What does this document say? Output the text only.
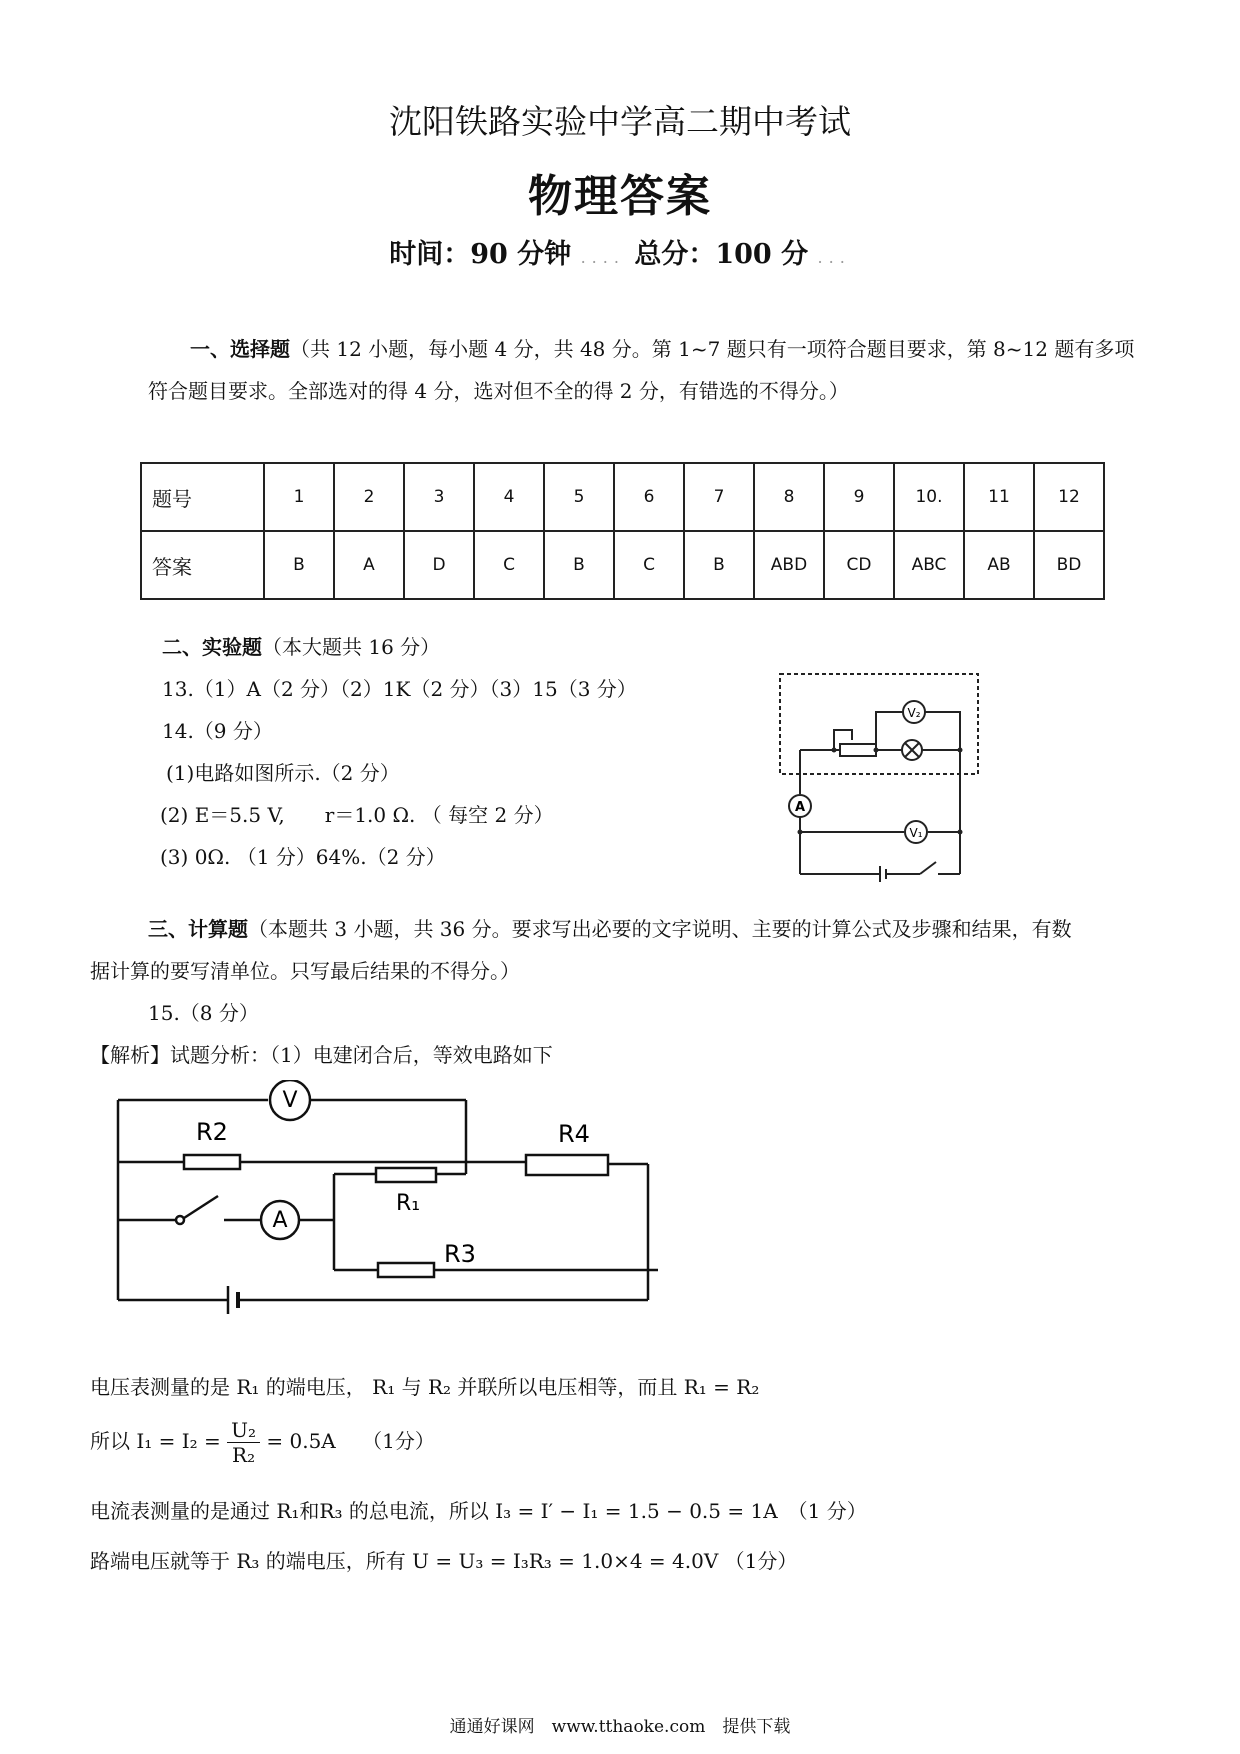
沈阳铁路实验中学高二期中考试
物理答案
时间：90 分钟 .... 总分：100 分 ...
一、选择题（共 12 小题，每小题 4 分，共 48 分。第 1~7 题只有一项符合题目要求，第 8~12 题有多项
符合题目要求。全部选对的得 4 分，选对但不全的得 2 分，有错选的不得分。）
题号	1	2	3	4	5	6	7	8	9	10.	11	12
答案	B	A	D	C	B	C	B	ABD	CD	ABC	AB	BD
二、实验题（本大题共 16 分）
13.（1）A（2 分）（2）1K（2 分）（3）15（3 分）
14.（9 分）
(1)电路如图所示.（2 分）
(2) E＝5.5 V,　　r＝1.0 Ω. （ 每空 2 分）
(3) 0Ω. （1 分）64%.（2 分）
V₂
A
V₁
三、计算题（本题共 3 小题，共 36 分。要求写出必要的文字说明、主要的计算公式及步骤和结果，有数
据计算的要写清单位。只写最后结果的不得分。）
15.（8 分）
【解析】试题分析：（1）电建闭合后，等效电路如下
V
A
R2	R4
R₁
R3
电压表测量的是 R₁ 的端电压， R₁ 与 R₂ 并联所以电压相等，而且 R₁ = R₂
所以 $I_1 = I_2 = \frac{\text{U₂}}{\text{R₂}} = 0.5A$　 （1分）
电流表测量的是通过 R₁和R₃ 的总电流，所以 I₃ = I′ − I₁ = 1.5 − 0.5 = 1A　（1 分）
路端电压就等于 R₃ 的端电压，所有 U = U₃ = I₃R₃ = 1.0×4 = 4.0V （1分）
通通好课网　www.tthaoke.com　提供下载
